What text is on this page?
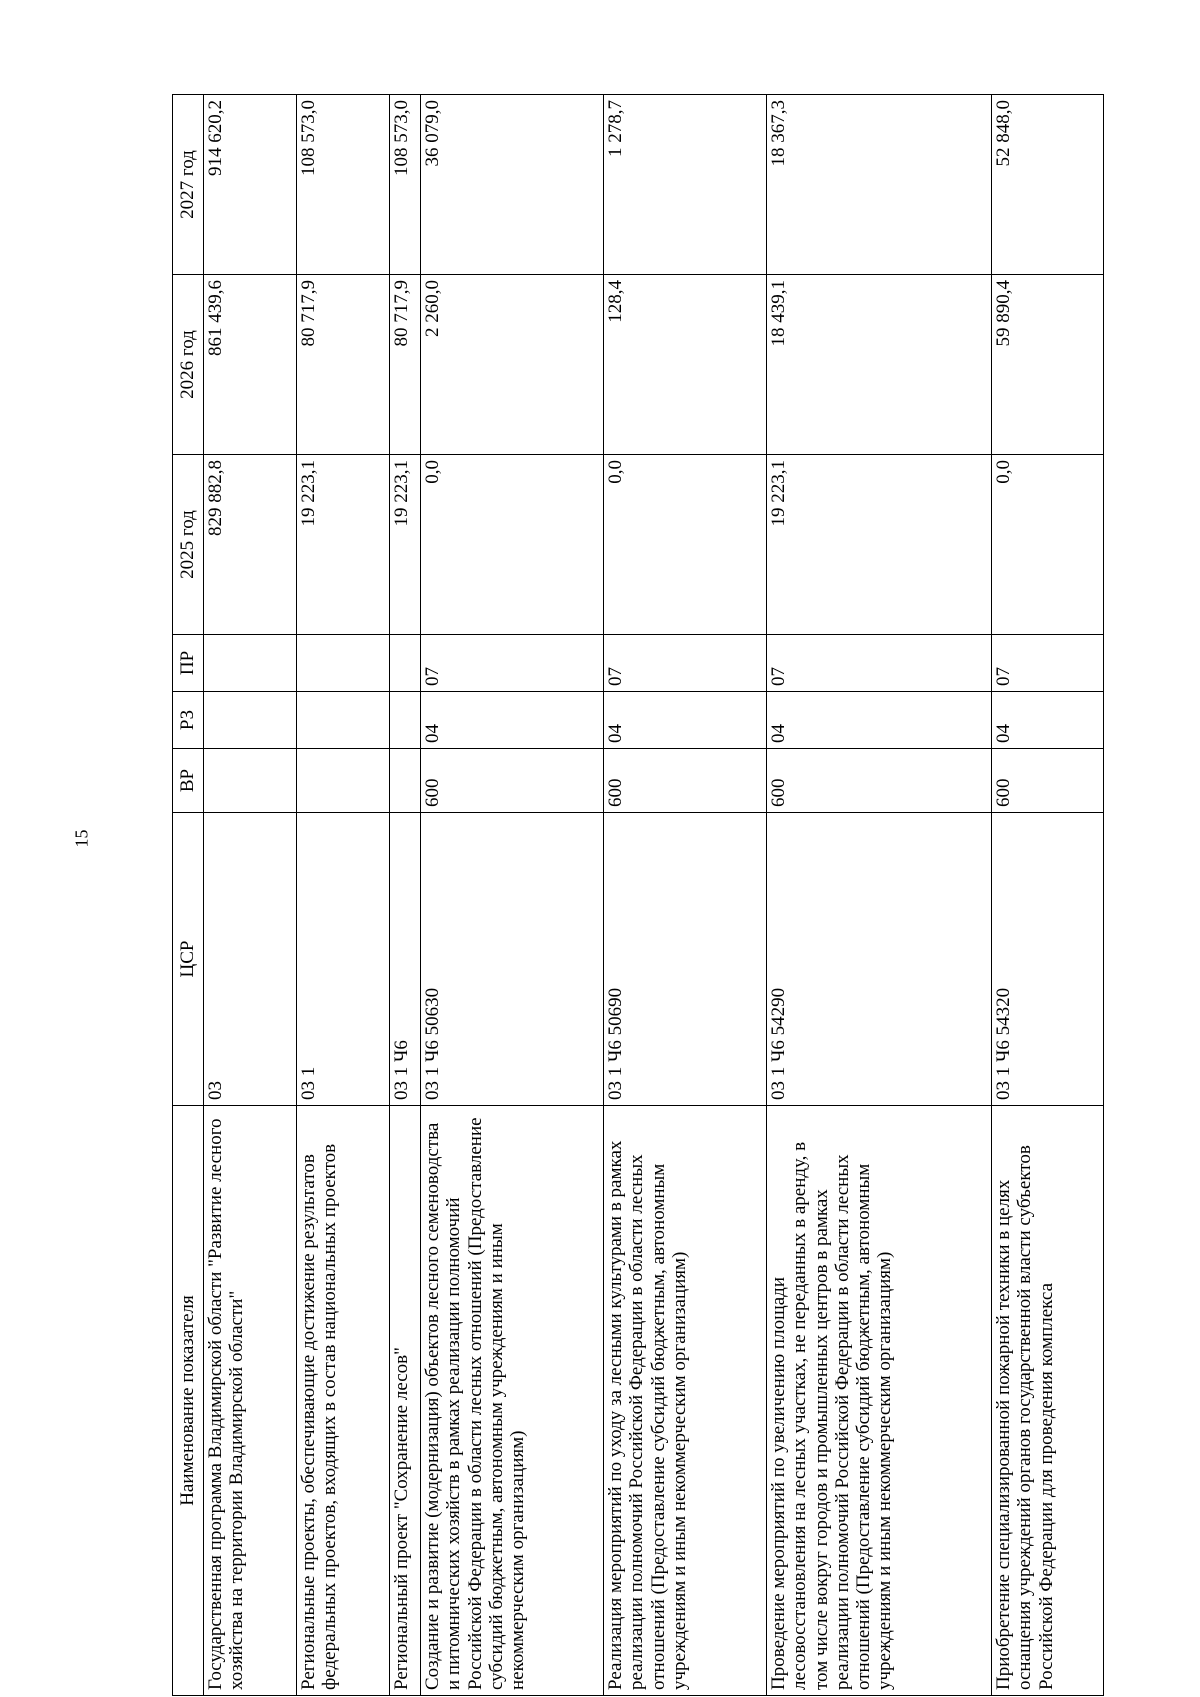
15
Наименование показателя	ЦСР	ВР	РЗ	ПР	2025 год	2026 год	2027 год
Государственная программа Владимирской области "Развитие лесного хозяйства на территории Владимирской области"	03				829 882,8	861 439,6	914 620,2
Региональные проекты, обеспечивающие достижение результатов федеральных проектов, входящих в состав национальных проектов	03 1				19 223,1	80 717,9	108 573,0
Региональный проект "Сохранение лесов"	03 1 Ч6				19 223,1	80 717,9	108 573,0
Создание и развитие (модернизация) объектов лесного семеноводства и питомнических хозяйств в рамках реализации полномочий Российской Федерации в области лесных отношений (Предоставление субсидий бюджетным, автономным учреждениям и иным некоммерческим организациям)	03 1 Ч6 50630	600	04	07	0,0	2 260,0	36 079,0
Реализация мероприятий по уходу за лесными культурами в рамках реализации полномочий Российской Федерации в области лесных отношений (Предоставление субсидий бюджетным, автономным учреждениям и иным некоммерческим организациям)	03 1 Ч6 50690	600	04	07	0,0	128,4	1 278,7
Проведение мероприятий по увеличению площади лесовосстановления на лесных участках, не переданных в аренду, в том числе вокруг городов и промышленных центров в рамках реализации полномочий Российской Федерации в области лесных отношений (Предоставление субсидий бюджетным, автономным учреждениям и иным некоммерческим организациям)	03 1 Ч6 54290	600	04	07	19 223,1	18 439,1	18 367,3
Приобретение специализированной пожарной техники в целях оснащения учреждений органов государственной власти субъектов Российской Федерации для проведения комплекса	03 1 Ч6 54320	600	04	07	0,0	59 890,4	52 848,0
